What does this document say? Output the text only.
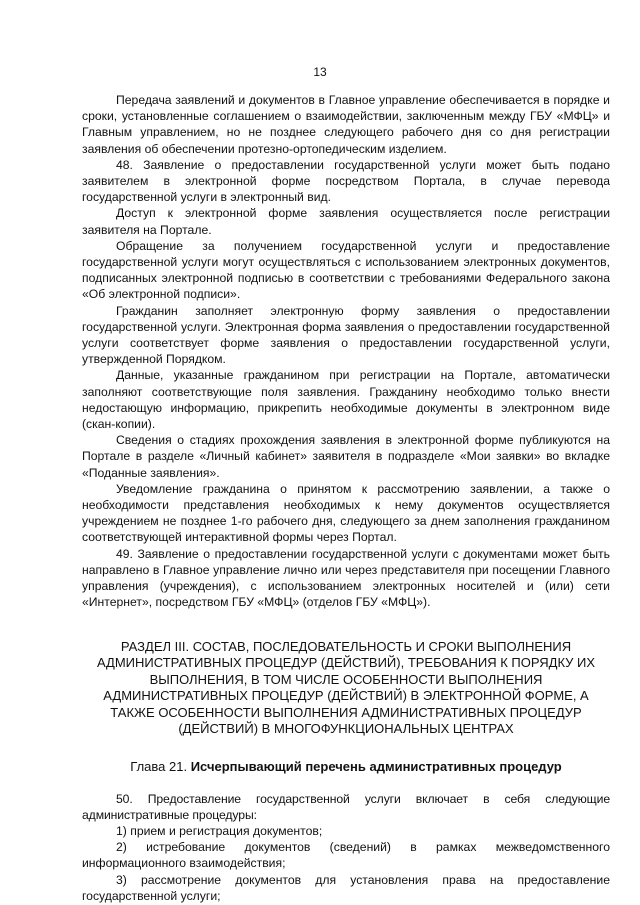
13

Передача заявлений и документов в Главное управление обеспечивается в порядке и сроки, установленные соглашением о взаимодействии, заключенным между ГБУ «МФЦ» и Главным управлением, но не позднее следующего рабочего дня со дня регистрации заявления об обеспечении протезно-ортопедическим изделием.

48. Заявление о предоставлении государственной услуги может быть подано заявителем в электронной форме посредством Портала, в случае перевода государственной услуги в электронный вид.

Доступ к электронной форме заявления осуществляется после регистрации заявителя на Портале.

Обращение за получением государственной услуги и предоставление государственной услуги могут осуществляться с использованием электронных документов, подписанных электронной подписью в соответствии с требованиями Федерального закона «Об электронной подписи».

Гражданин заполняет электронную форму заявления о предоставлении государственной услуги. Электронная форма заявления о предоставлении государственной услуги соответствует форме заявления о предоставлении государственной услуги, утвержденной Порядком.

Данные, указанные гражданином при регистрации на Портале, автоматически заполняют соответствующие поля заявления. Гражданину необходимо только внести недостающую информацию, прикрепить необходимые документы в электронном виде (скан-копии).

Сведения о стадиях прохождения заявления в электронной форме публикуются на Портале в разделе «Личный кабинет» заявителя в подразделе «Мои заявки» во вкладке «Поданные заявления».

Уведомление гражданина о принятом к рассмотрению заявлении, а также о необходимости представления необходимых к нему документов осуществляется учреждением не позднее 1-го рабочего дня, следующего за днем заполнения гражданином соответствующей интерактивной формы через Портал.

49. Заявление о предоставлении государственной услуги с документами может быть направлено в Главное управление лично или через представителя при посещении Главного управления (учреждения), с использованием электронных носителей и (или) сети «Интернет», посредством ГБУ «МФЦ» (отделов ГБУ «МФЦ»).

РАЗДЕЛ III. СОСТАВ, ПОСЛЕДОВАТЕЛЬНОСТЬ И СРОКИ ВЫПОЛНЕНИЯ АДМИНИСТРАТИВНЫХ ПРОЦЕДУР (ДЕЙСТВИЙ), ТРЕБОВАНИЯ К ПОРЯДКУ ИХ ВЫПОЛНЕНИЯ, В ТОМ ЧИСЛЕ ОСОБЕННОСТИ ВЫПОЛНЕНИЯ АДМИНИСТРАТИВНЫХ ПРОЦЕДУР (ДЕЙСТВИЙ) В ЭЛЕКТРОННОЙ ФОРМЕ, А ТАКЖЕ ОСОБЕННОСТИ ВЫПОЛНЕНИЯ АДМИНИСТРАТИВНЫХ ПРОЦЕДУР (ДЕЙСТВИЙ) В МНОГОФУНКЦИОНАЛЬНЫХ ЦЕНТРАХ
Глава 21. Исчерпывающий перечень административных процедур

50. Предоставление государственной услуги включает в себя следующие административные процедуры:

1) прием и регистрация документов;

2) истребование документов (сведений) в рамках межведомственного информационного взаимодействия;

3) рассмотрение документов для установления права на предоставление государственной услуги;
